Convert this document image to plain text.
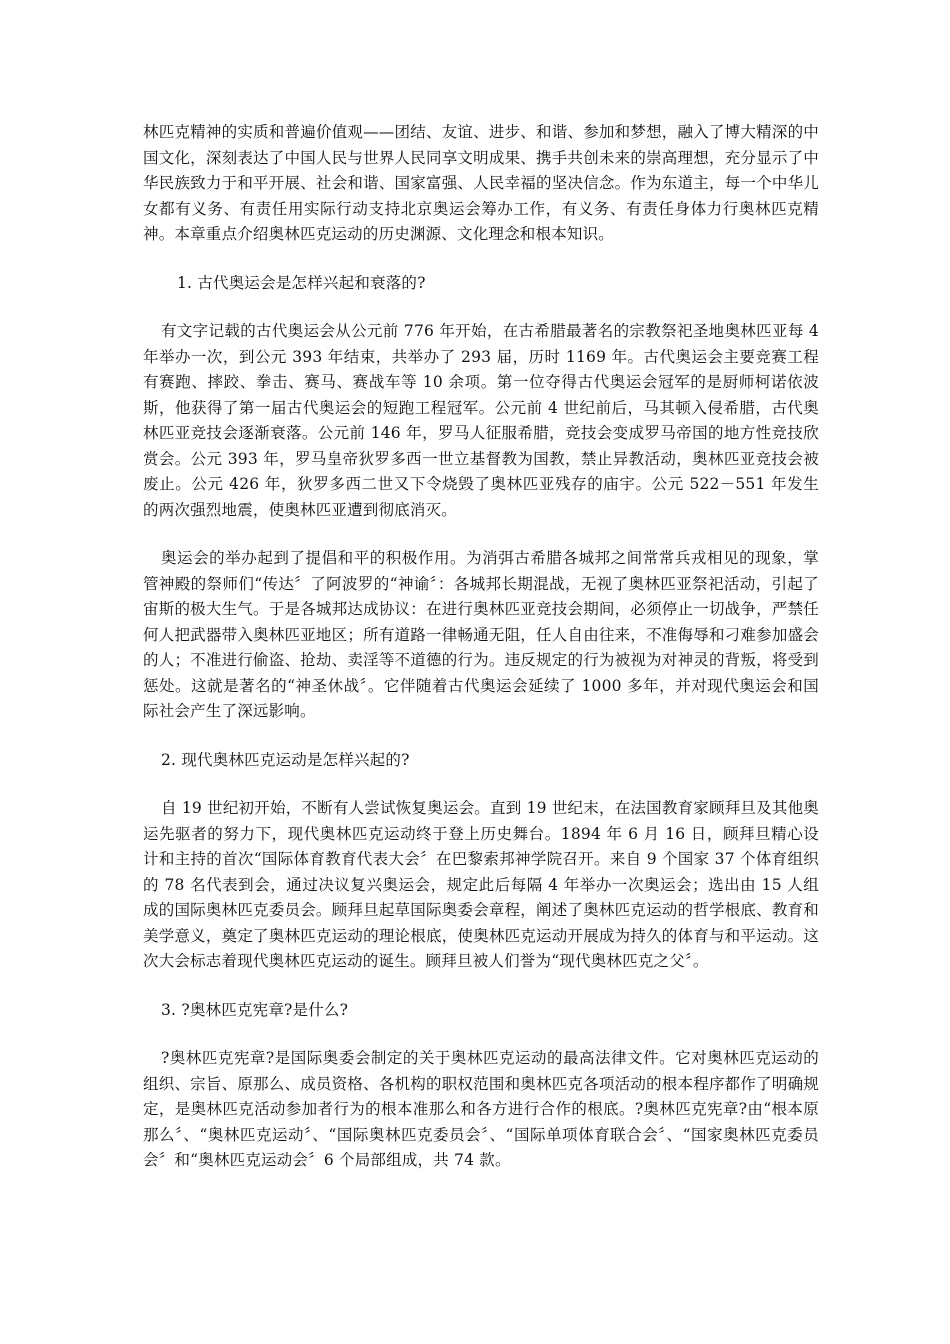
林匹克精神的实质和普遍价值观——团结、友谊、进步、和谐、参加和梦想，融入了博大精深的中国文化，深刻表达了中国人民与世界人民同享文明成果、携手共创未来的崇高理想，充分显示了中华民族致力于和平开展、社会和谐、国家富强、人民幸福的坚决信念。作为东道主，每一个中华儿女都有义务、有责任用实际行动支持北京奥运会筹办工作，有义务、有责任身体力行奥林匹克精神。本章重点介绍奥林匹克运动的历史渊源、文化理念和根本知识。

1. 古代奥运会是怎样兴起和衰落的?

有文字记载的古代奥运会从公元前 776 年开始，在古希腊最著名的宗教祭祀圣地奥林匹亚每 4 年举办一次，到公元 393 年结束，共举办了 293 届，历时 1169 年。古代奥运会主要竞赛工程有赛跑、摔跤、拳击、赛马、赛战车等 10 余项。第一位夺得古代奥运会冠军的是厨师柯诺依波斯，他获得了第一届古代奥运会的短跑工程冠军。公元前 4 世纪前后，马其顿入侵希腊，古代奥林匹亚竞技会逐渐衰落。公元前 146 年，罗马人征服希腊，竞技会变成罗马帝国的地方性竞技欣赏会。公元 393 年，罗马皇帝狄罗多西一世立基督教为国教，禁止异教活动，奥林匹亚竞技会被废止。公元 426 年，狄罗多西二世又下令烧毁了奥林匹亚残存的庙宇。公元 522－551 年发生的两次强烈地震，使奥林匹亚遭到彻底消灭。

奥运会的举办起到了提倡和平的积极作用。为消弭古希腊各城邦之间常常兵戎相见的现象，掌管神殿的祭师们“传达〞了阿波罗的“神谕〞：各城邦长期混战，无视了奥林匹亚祭祀活动，引起了宙斯的极大生气。于是各城邦达成协议：在进行奥林匹亚竞技会期间，必须停止一切战争，严禁任何人把武器带入奥林匹亚地区；所有道路一律畅通无阻，任人自由往来，不准侮辱和刁难参加盛会的人；不准进行偷盗、抢劫、卖淫等不道德的行为。违反规定的行为被视为对神灵的背叛，将受到惩处。这就是著名的“神圣休战〞。它伴随着古代奥运会延续了 1000 多年，并对现代奥运会和国际社会产生了深远影响。

2. 现代奥林匹克运动是怎样兴起的?

自 19 世纪初开始，不断有人尝试恢复奥运会。直到 19 世纪末，在法国教育家顾拜旦及其他奥运先驱者的努力下，现代奥林匹克运动终于登上历史舞台。1894 年 6 月 16 日，顾拜旦精心设计和主持的首次“国际体育教育代表大会〞在巴黎索邦神学院召开。来自 9 个国家 37 个体育组织的 78 名代表到会，通过决议复兴奥运会，规定此后每隔 4 年举办一次奥运会；选出由 15 人组成的国际奥林匹克委员会。顾拜旦起草国际奥委会章程，阐述了奥林匹克运动的哲学根底、教育和美学意义，奠定了奥林匹克运动的理论根底，使奥林匹克运动开展成为持久的体育与和平运动。这次大会标志着现代奥林匹克运动的诞生。顾拜旦被人们誉为“现代奥林匹克之父〞。

3. ?奥林匹克宪章?是什么?

?奥林匹克宪章?是国际奥委会制定的关于奥林匹克运动的最高法律文件。它对奥林匹克运动的组织、宗旨、原那么、成员资格、各机构的职权范围和奥林匹克各项活动的根本程序都作了明确规定，是奥林匹克活动参加者行为的根本准那么和各方进行合作的根底。?奥林匹克宪章?由“根本原那么〞、“奥林匹克运动〞、“国际奥林匹克委员会〞、“国际单项体育联合会〞、“国家奥林匹克委员会〞和“奥林匹克运动会〞6 个局部组成，共 74 款。
